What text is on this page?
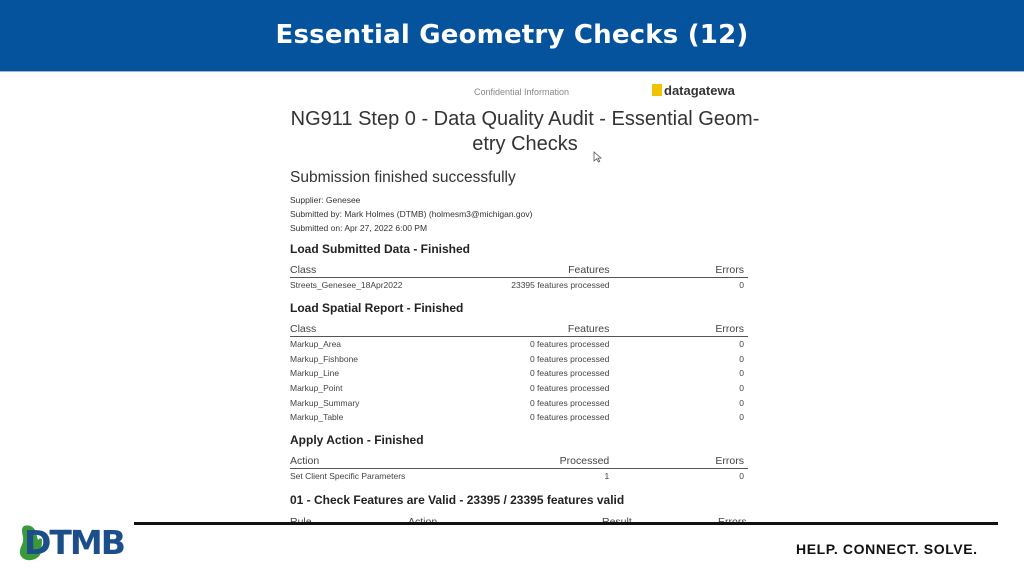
Essential Geometry Checks (12)
Confidential Information	datagatewa
NG911 Step 0 - Data Quality Audit - Essential Geom-
etry Checks
Submission finished successfully
Supplier: Genesee
Submitted by: Mark Holmes (DTMB) (holmesm3@michigan.gov)
Submitted on: Apr 27, 2022 6:00 PM
Load Submitted Data - Finished
Class	Features	Errors
Streets_Genesee_18Apr2022	23395 features processed	0
Load Spatial Report - Finished
Class	Features	Errors
Markup_Area	0 features processed	0
Markup_Fishbone	0 features processed	0
Markup_Line	0 features processed	0
Markup_Point	0 features processed	0
Markup_Summary	0 features processed	0
Markup_Table	0 features processed	0
Apply Action - Finished
Action	Processed	Errors
Set Client Specific Parameters	1	0
01 - Check Features are Valid - 23395 / 23395 features valid
DTMB	HELP. CONNECT. SOLVE.
